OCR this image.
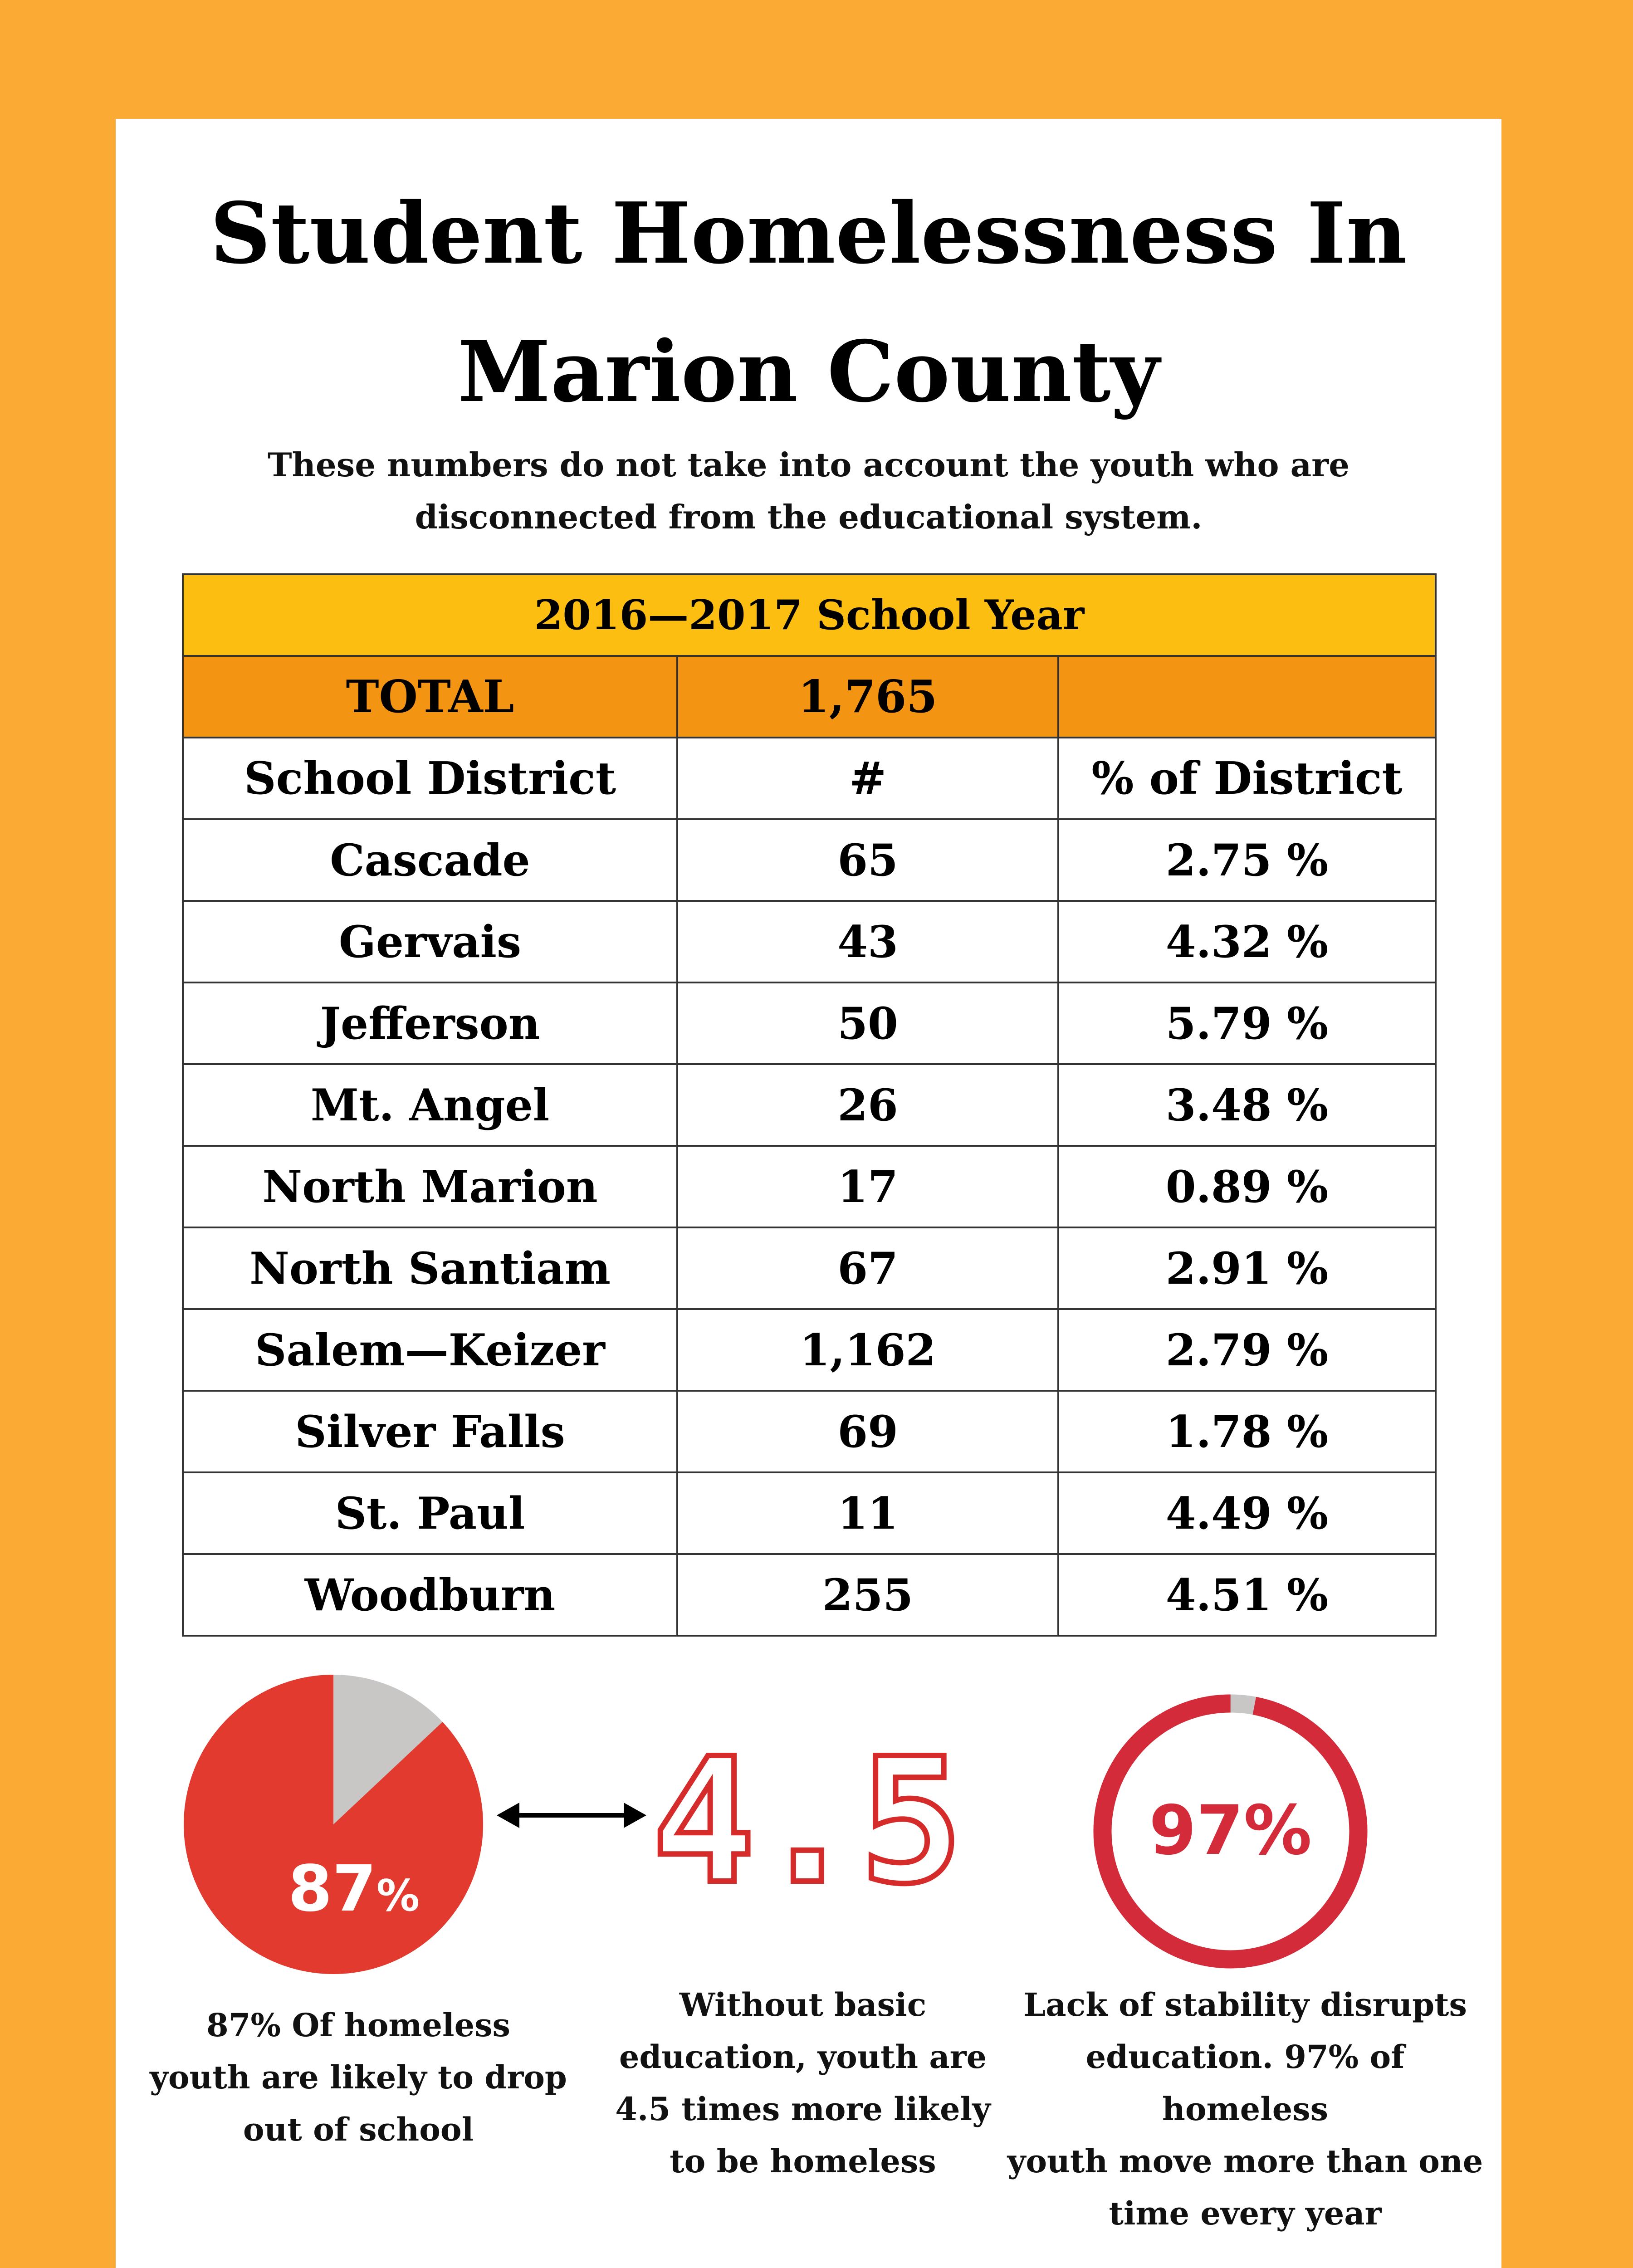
Student Homelessness In
Marion County
These numbers do not take into account the youth who are
disconnected from the educational system.
2016—2017 School Year		
TOTAL	1,765	
School District	#	% of District
Cascade	65	2.75 %
Gervais	43	4.32 %
Jefferson	50	5.79 %
Mt. Angel	26	3.48 %
North Marion	17	0.89 %
North Santiam	67	2.91 %
Salem—Keizer	1,162	2.79 %
Silver Falls	69	1.78 %
St. Paul	11	4.49 %
Woodburn	255	4.51 %
87% 4.5	97%
87% Of homeless
youth are likely to drop
out of school
Without basic
education, youth are
4.5 times more likely
to be homeless
Lack of stability disrupts
education. 97% of homeless
youth move more than one
time every year
